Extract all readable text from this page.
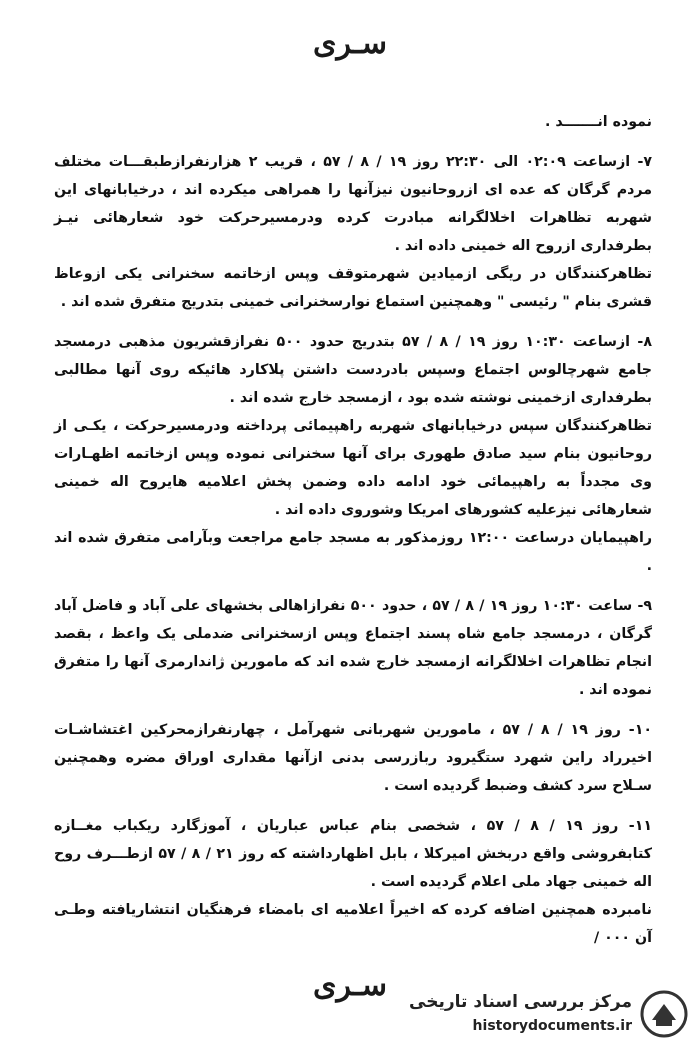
سـری

نموده انـــــــد .

۷- ازساعت ۰۲:۰۹ الی ۲۲:۳۰ روز ۱۹ / ۸ / ۵۷ ، قریب ۲ هزارنفرازطبقـــات مختلف مردم گرگان که عده ای ازروحانیون نیزآنها را همراهی میکرده اند ، درخیابانهای این شهربه تظاهرات اخلالگرانه مبادرت کرده ودرمسیرحرکت خود شعارهائی نیـز بطرفداری ازروح اله خمینی داده اند .

تظاهرکنندگان در ریگی ازمیادین شهرمتوقف وپس ازخاتمه سخنرانی یکی ازوعاظ قشری بنام " رئیسی " وهمچنین استماع نوارسخنرانی خمینی بتدریج متفرق شده اند .

۸- ازساعت ۱۰:۳۰ روز ۱۹ / ۸ / ۵۷ بتدریج حدود ۵۰۰ نفرازقشریون مذهبی درمسجد جامع شهرچالوس اجتماع وسپس بادردست داشتن پلاکارد هائیکه روی آنها مطالبی بطرفداری ازخمینی نوشته شده بود ، ازمسجد خارج شده اند .

تظاهرکنندگان سپس درخیابانهای شهربه راهپیمائی پرداخته ودرمسیرحرکت ، یکـی از روحانیون بنام سید صادق طهوری برای آنها سخنرانی نموده وپس ازخاتمه اظهـارات وی مجدداً به راهپیمائی خود ادامه داده وضمن پخش اعلامیه هایروح اله خمینی شعارهائی نیزعلیه کشورهای امریکا وشوروی داده اند .

راهپیمایان درساعت ۱۲:۰۰ روزمذکور به مسجد جامع مراجعت وبآرامی متفرق شده اند .

۹- ساعت ۱۰:۳۰ روز ۱۹ / ۸ / ۵۷ ، حدود ۵۰۰ نفرازاهالی بخشهای علی آباد و فاضل آباد گرگان ، درمسجد جامع شاه پسند اجتماع وپس ازسخنرانی ضدملی یک واعظ ، بقصد انجام تظاهرات اخلالگرانه ازمسجد خارج شده اند که مامورین ژاندارمری آنها را متفرق نموده اند .

۱۰- روز ۱۹ / ۸ / ۵۷ ، مامورین شهربانی شهرآمل ، چهارنفرازمحرکین اغتشاشـات اخیرراد راین شهرد ستگیرود ربازرسی بدنی ازآنها مقداری اوراق مضره وهمچنین سـلاح سرد کشف وضبط گردیده است .

۱۱- روز ۱۹ / ۸ / ۵۷ ، شخصی بنام عباس عباریان ، آموزگارد ریکباب مغــازه کتابفروشی واقع دربخش امیرکلا ، بابل اظهارداشته که روز ۲۱ / ۸ / ۵۷ ازطـــرف روح اله خمینی جهاد ملی اعلام گردیده است .

نامبرده همچنین اضافه کرده که اخیراً اعلامیه ای بامضاء فرهنگیان انتشاریافته وطـی آن ۰۰۰ /

سـری	مرکز بررسی اسناد تاریخی
historydocuments.ir
